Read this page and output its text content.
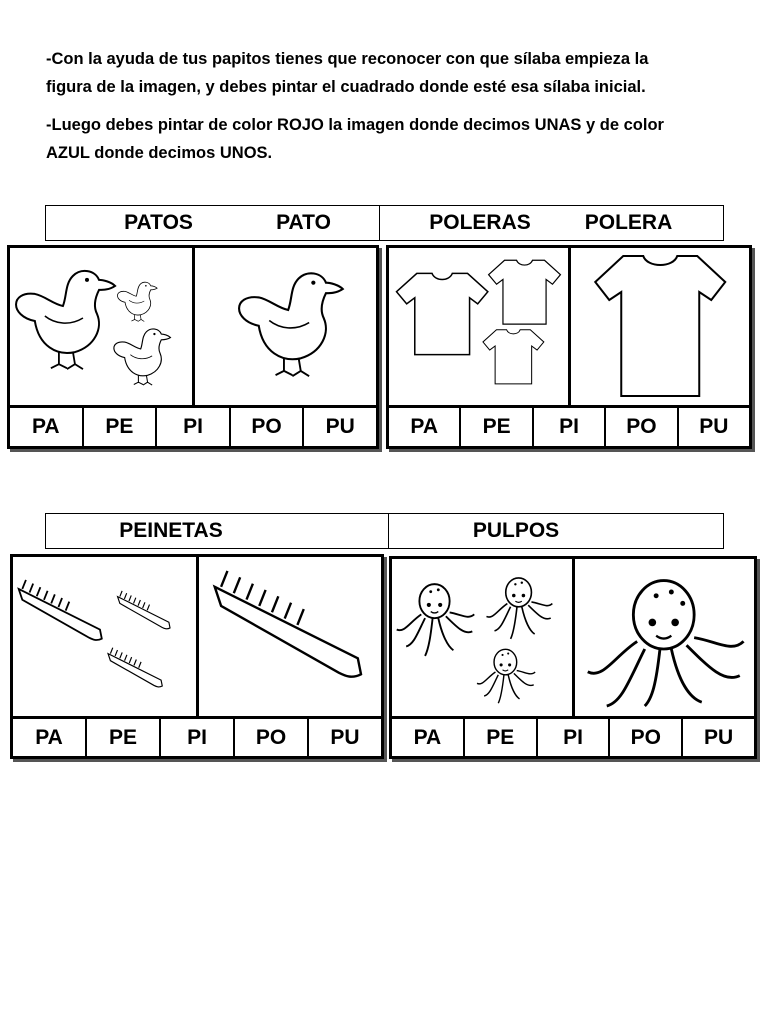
-Con la ayuda de tus papitos tienes que reconocer con que sílaba empieza la

figura de la imagen, y debes pintar el cuadrado donde esté esa sílaba inicial.

-Luego debes pintar de color ROJO la imagen donde decimos UNAS y de color

AZUL donde decimos UNOS.

PATOS	PATO	POLERAS	POLERA
PA	PE	PI	PO	PU	PA	PE	PI	PO	PU
PEINETAS	PULPOS
PA	PE	PI	PO	PU	PA	PE	PI	PO	PU
